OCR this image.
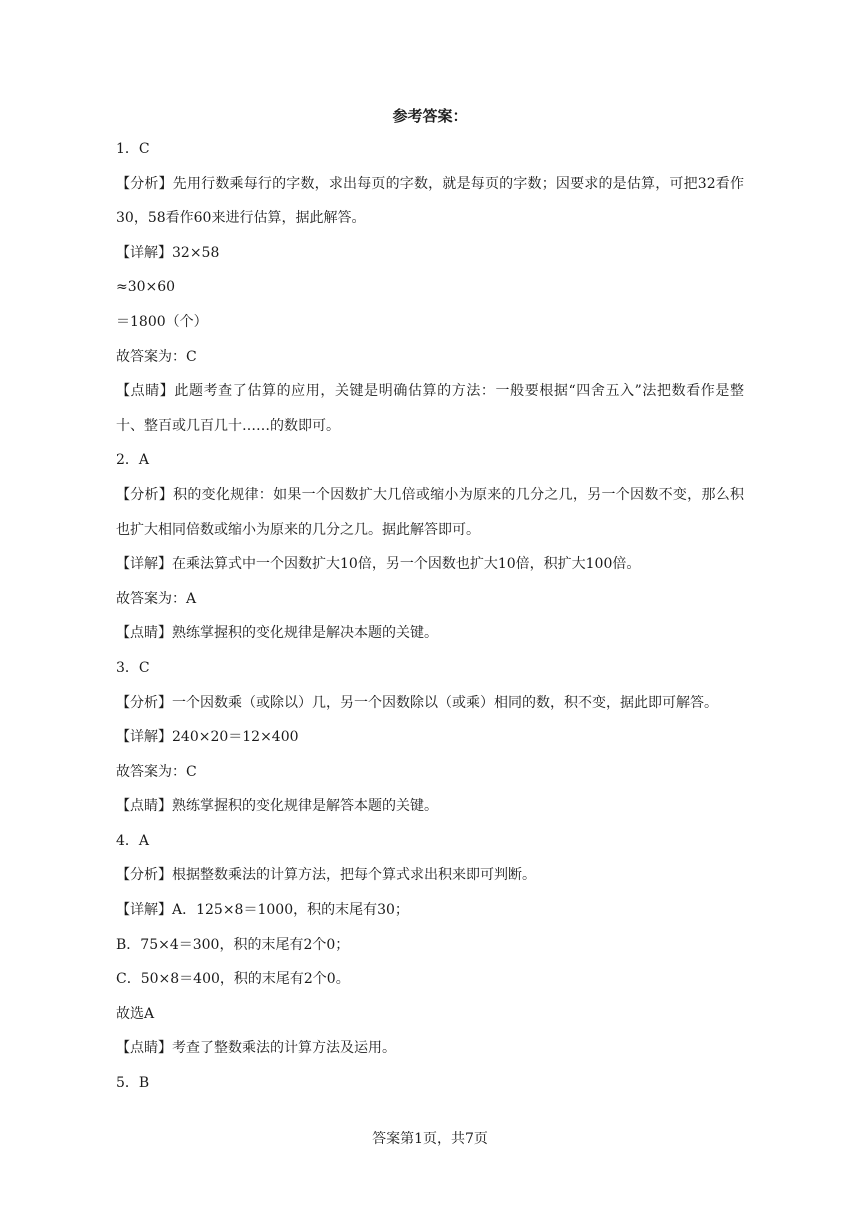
参考答案：
1．C
【分析】先用行数乘每行的字数，求出每页的字数，就是每页的字数；因要求的是估算，可把32看作30，58看作60来进行估算，据此解答。
【详解】32×58
≈30×60
＝1800（个）
故答案为：C
【点睛】此题考查了估算的应用，关键是明确估算的方法：一般要根据“四舍五入”法把数看作是整十、整百或几百几十……的数即可。
2．A
【分析】积的变化规律：如果一个因数扩大几倍或缩小为原来的几分之几，另一个因数不变，那么积也扩大相同倍数或缩小为原来的几分之几。据此解答即可。
【详解】在乘法算式中一个因数扩大10倍，另一个因数也扩大10倍，积扩大100倍。
故答案为：A
【点睛】熟练掌握积的变化规律是解决本题的关键。
3．C
【分析】一个因数乘（或除以）几，另一个因数除以（或乘）相同的数，积不变，据此即可解答。
【详解】240×20＝12×400
故答案为：C
【点睛】熟练掌握积的变化规律是解答本题的关键。
4．A
【分析】根据整数乘法的计算方法，把每个算式求出积来即可判断。
【详解】A．125×8＝1000，积的末尾有30；
B．75×4＝300，积的末尾有2个0；
C．50×8＝400，积的末尾有2个0。
故选A
【点睛】考查了整数乘法的计算方法及运用。
5．B
答案第1页，共7页
